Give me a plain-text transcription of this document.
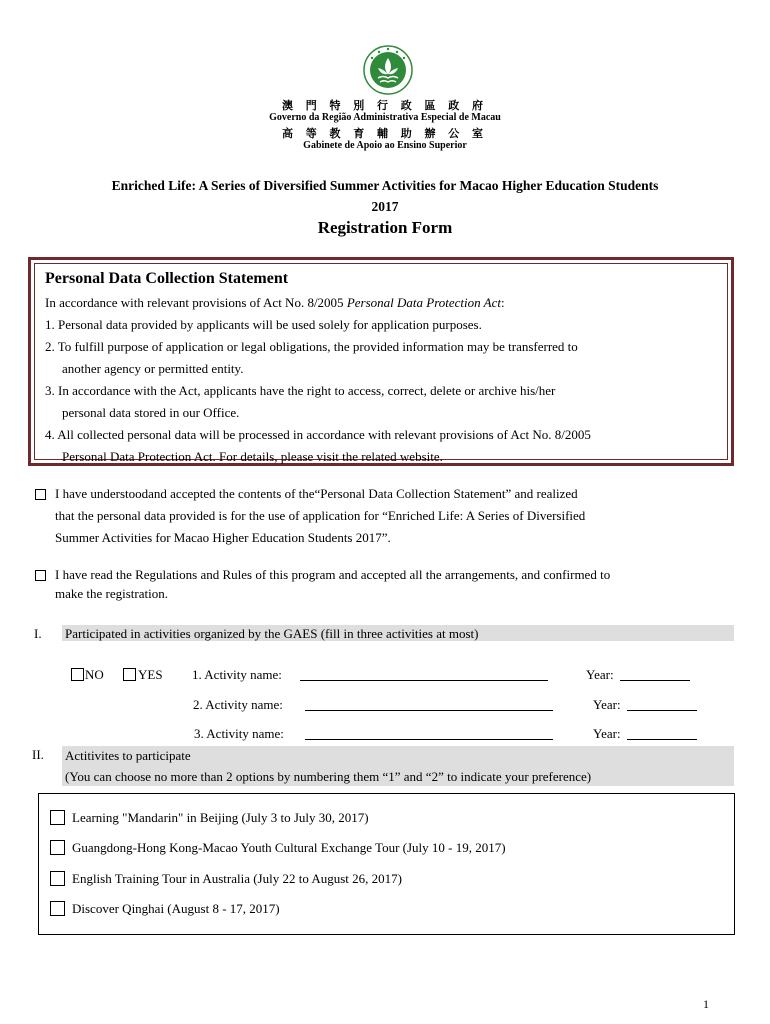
澳 門 特 別 行 政 區 政 府
Governo da Região Administrativa Especial de Macau
高 等 教 育 輔 助 辦 公 室
Gabinete de Apoio ao Ensino Superior
Enriched Life: A Series of Diversified Summer Activities for Macao Higher Education Students
2017
Registration Form
Personal Data Collection Statement
In accordance with relevant provisions of Act No. 8/2005 Personal Data Protection Act:
1. Personal data provided by applicants will be used solely for application purposes.
2. To fulfill purpose of application or legal obligations, the provided information may be transferred to
another agency or permitted entity.
3. In accordance with the Act, applicants have the right to access, correct, delete or archive his/her
personal data stored in our Office.
4. All collected personal data will be processed in accordance with relevant provisions of Act No. 8/2005
Personal Data Protection Act. For details, please visit the related website.
I have understoodand accepted the contents of the“Personal Data Collection Statement” and realized
that the personal data provided is for the use of application for “Enriched Life: A Series of Diversified
Summer Activities for Macao Higher Education Students 2017”.
I have read the Regulations and Rules of this program and accepted all the arrangements, and confirmed to
make the registration.
I. Participated in activities organized by the GAES (fill in three activities at most)
NO	YES 1. Activity name:	Year:
2. Activity name:	Year:
3. Activity name:	Year:
II. Actitivites to participate
(You can choose no more than 2 options by numbering them “1” and “2” to indicate your preference)
Learning "Mandarin" in Beijing (July 3 to July 30, 2017)
Guangdong-Hong Kong-Macao Youth Cultural Exchange Tour (July 10 - 19, 2017)
English Training Tour in Australia (July 22 to August 26, 2017)
Discover Qinghai (August 8 - 17, 2017)
1
